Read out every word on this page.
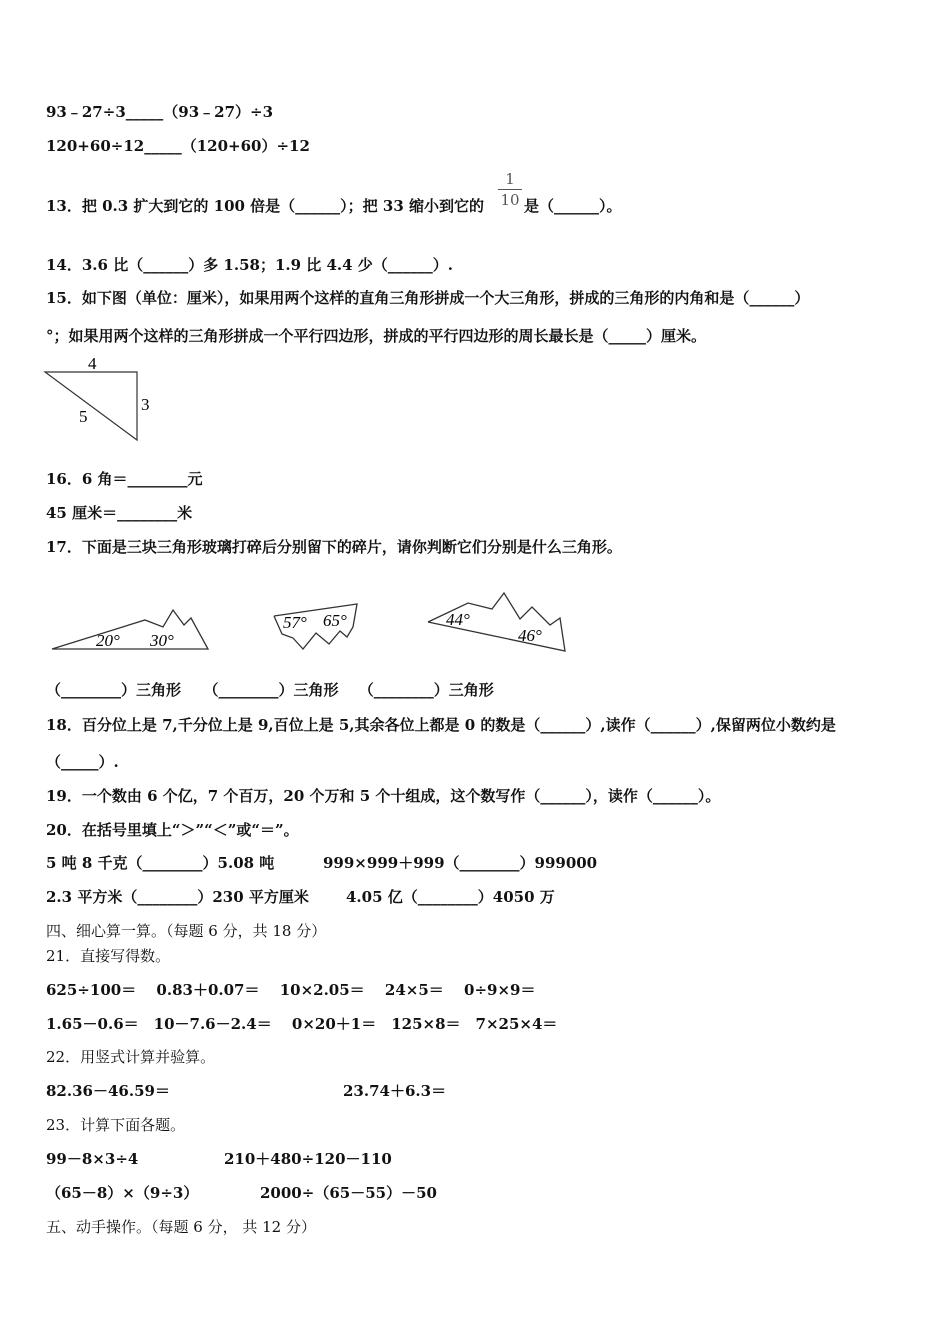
93﹣27÷3_____（93﹣27）÷3
120+60÷12_____（120+60）÷12
13．把 0.3 扩大到它的 100 倍是（______）；把 33 缩小到它的
1
10 是（______）。
14．3.6 比（______）多 1.58；1.9 比 4.4 少（______）.
15．如下图（单位：厘米），如果用两个这样的直角三角形拼成一个大三角形，拼成的三角形的内角和是（______）
°；如果用两个这样的三角形拼成一个平行四边形，拼成的平行四边形的周长最长是（_____）厘米。
4
3
5
16．6 角＝________元
45 厘米＝________米
17．下面是三块三角形玻璃打碎后分别留下的碎片，请你判断它们分别是什么三角形。
20° 30°
57° 65°	44°
46°
（________）三角形　　（________）三角形　 （________）三角形
18．百分位上是 7,千分位上是 9,百位上是 5,其余各位上都是 0 的数是（______）,读作（______）,保留两位小数约是
（_____）.
19．一个数由 6 个亿，7 个百万，20 个万和 5 个十组成，这个数写作（______），读作（______）。
20．在括号里填上“＞”“＜”或“＝”。
5 吨 8 千克（________）5.08 吨	999×999＋999（________）999000
2.3 平方米（________）230 平方厘米 4.05 亿（________）4050 万
四、细心算一算。（每题 6 分，共 18 分）
21．直接写得数。
625÷100＝　 0.83＋0.07＝　 10×2.05＝　 24×5＝　 0÷9×9＝
1.65－0.6＝　10－7.6－2.4＝　 0×20＋1＝　125×8＝　7×25×4＝
22．用竖式计算并验算。
82.36－46.59＝	23.74＋6.3＝
23．计算下面各题。
99－8×3÷4	210＋480÷120－110
（65－8）×（9÷3）	2000÷（65－55）－50
五、动手操作。（每题 6 分， 共 12 分）
